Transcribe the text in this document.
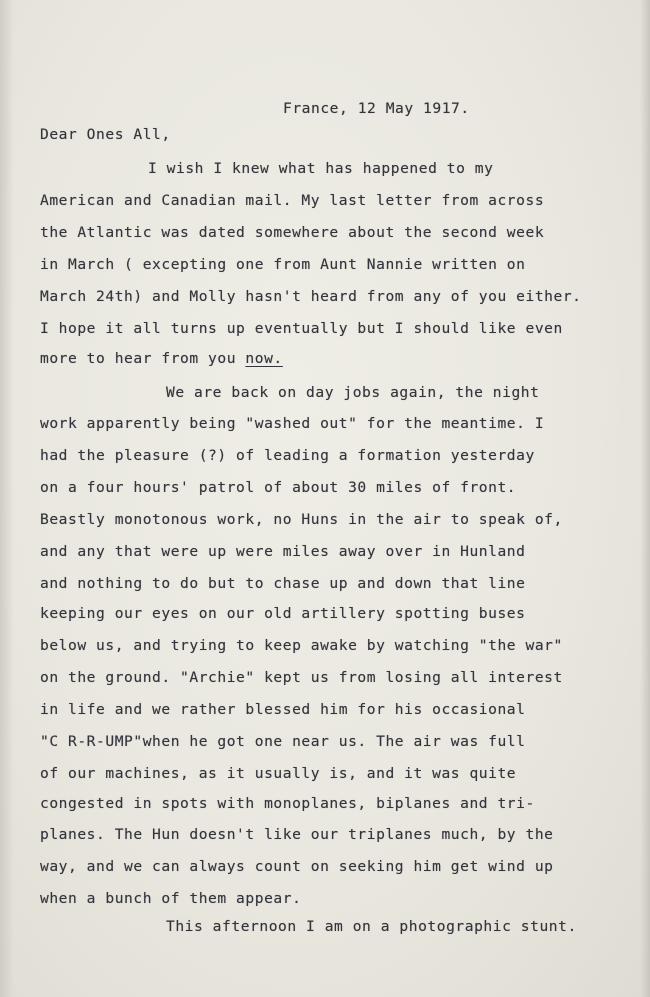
France, 12 May 1917.

Dear Ones All,

I wish I knew what has happened to my

American and Canadian mail. My last letter from across

the Atlantic was dated somewhere about the second week

in March ( excepting one from Aunt Nannie written on

March 24th) and Molly hasn't heard from any of you either.

I hope it all turns up eventually but I should like even

more to hear from you now.

We are back on day jobs again, the night

work apparently being "washed out" for the meantime. I

had the pleasure (?) of leading a formation yesterday

on a four hours' patrol of about 30 miles of front.

Beastly monotonous work, no Huns in the air to speak of,

and any that were up were miles away over in Hunland

and nothing to do but to chase up and down that line

keeping our eyes on our old artillery spotting buses

below us, and trying to keep awake by watching "the war"

on the ground. "Archie" kept us from losing all interest

in life and we rather blessed him for his occasional

"C R-R-UMP"when he got one near us. The air was full

of our machines, as it usually is, and it was quite

congested in spots with monoplanes, biplanes and tri-

planes. The Hun doesn't like our triplanes much, by the

way, and we can always count on seeking him get wind up

when a bunch of them appear.

This afternoon I am on a photographic stunt.
